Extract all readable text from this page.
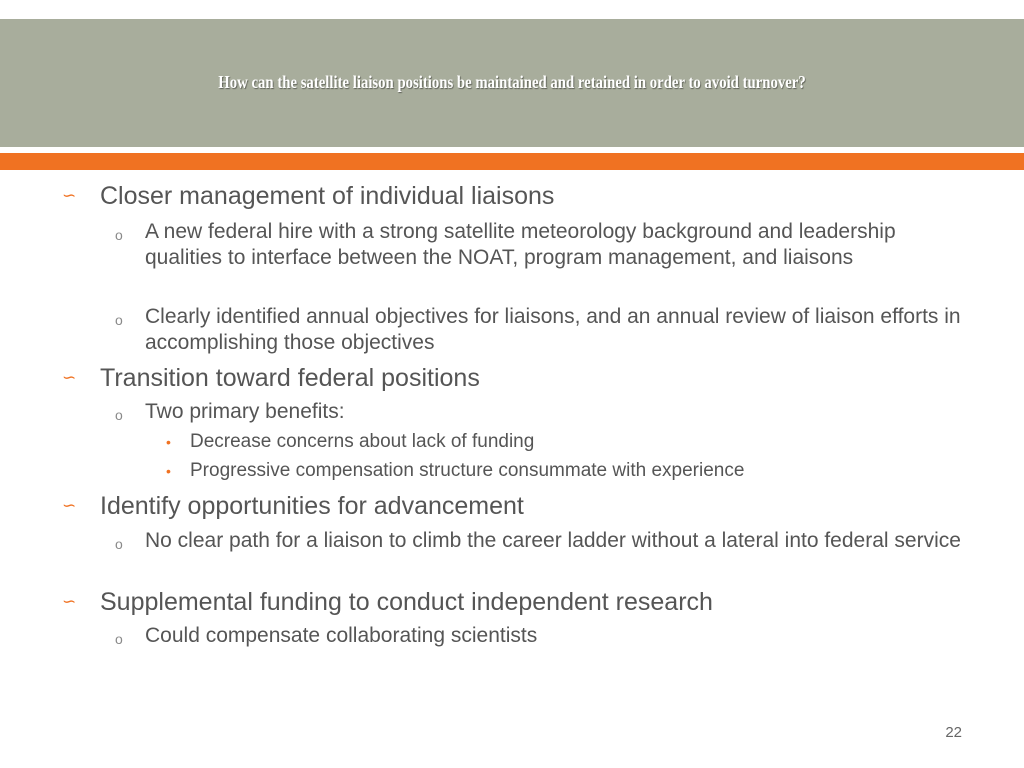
How can the satellite liaison positions be maintained and retained in order to avoid turnover?
∽ Closer management of individual liaisons
o A new federal hire with a strong satellite meteorology background and leadership qualities to interface between the NOAT, program management, and liaisons
o Clearly identified annual objectives for liaisons, and an annual review of liaison efforts in accomplishing those objectives
∽ Transition toward federal positions
o Two primary benefits:
• Decrease concerns about lack of funding
• Progressive compensation structure consummate with experience
∽ Identify opportunities for advancement
o No clear path for a liaison to climb the career ladder without a lateral into federal service
∽ Supplemental funding to conduct independent research
o Could compensate collaborating scientists
22
